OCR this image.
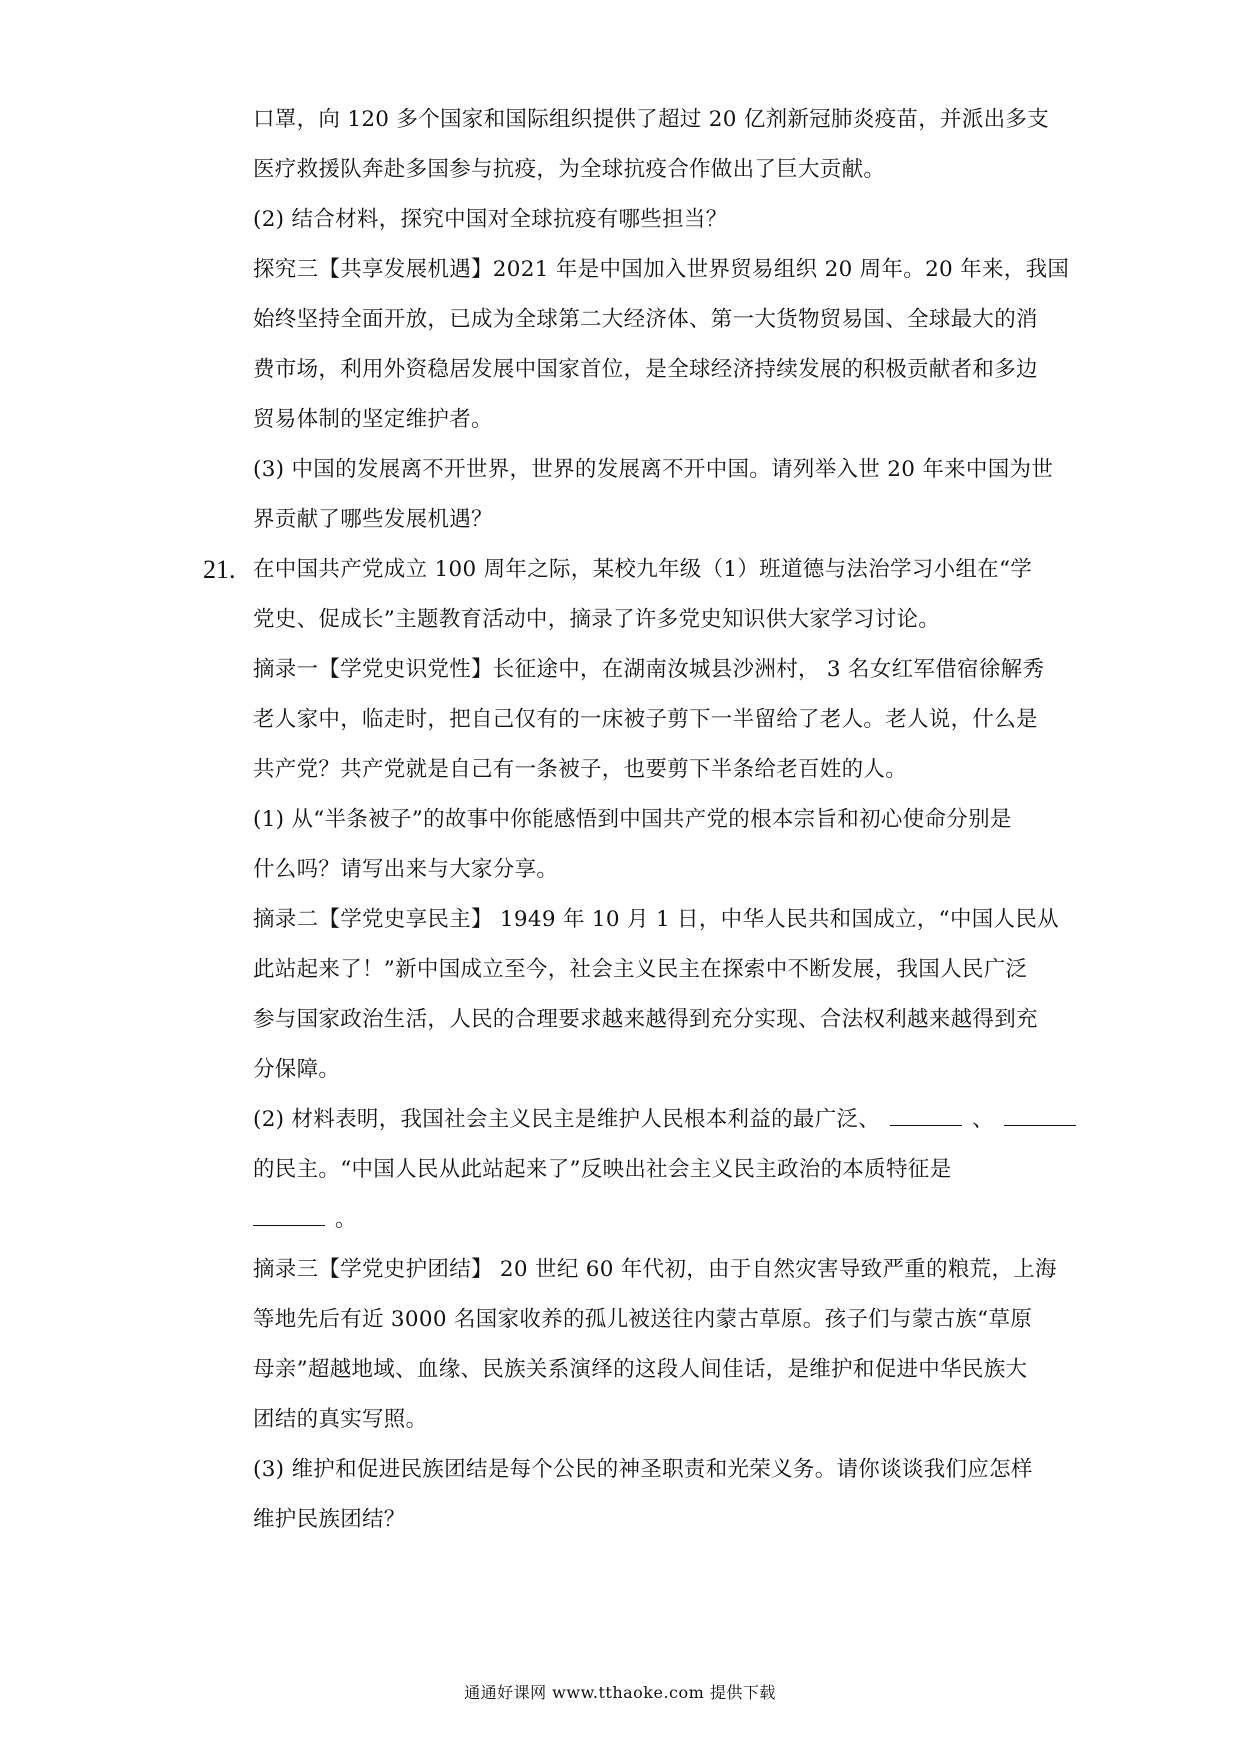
口罩，向 120 多个国家和国际组织提供了超过 20 亿剂新冠肺炎疫苗，并派出多支
医疗救援队奔赴多国参与抗疫，为全球抗疫合作做出了巨大贡献。
(2) 结合材料，探究中国对全球抗疫有哪些担当？
探究三【共享发展机遇】2021 年是中国加入世界贸易组织 20 周年。20 年来，我国
始终坚持全面开放，已成为全球第二大经济体、第一大货物贸易国、全球最大的消
费市场，利用外资稳居发展中国家首位，是全球经济持续发展的积极贡献者和多边
贸易体制的坚定维护者。
(3) 中国的发展离不开世界，世界的发展离不开中国。请列举入世 20 年来中国为世
界贡献了哪些发展机遇？
21. 在中国共产党成立 100 周年之际，某校九年级（1）班道德与法治学习小组在“学
党史、促成长”主题教育活动中，摘录了许多党史知识供大家学习讨论。
摘录一【学党史识党性】长征途中，在湖南汝城县沙洲村， 3 名女红军借宿徐解秀
老人家中，临走时，把自己仅有的一床被子剪下一半留给了老人。老人说，什么是
共产党？共产党就是自己有一条被子，也要剪下半条给老百姓的人。
(1) 从“半条被子”的故事中你能感悟到中国共产党的根本宗旨和初心使命分别是
什么吗？请写出来与大家分享。
摘录二【学党史享民主】 1949 年 10 月 1 日，中华人民共和国成立，“中国人民从
此站起来了！”新中国成立至今，社会主义民主在探索中不断发展，我国人民广泛
参与国家政治生活，人民的合理要求越来越得到充分实现、合法权利越来越得到充
分保障。
(2) 材料表明，我国社会主义民主是维护人民根本利益的最广泛、	、
的民主。“中国人民从此站起来了”反映出社会主义民主政治的本质特征是
。
摘录三【学党史护团结】 20 世纪 60 年代初，由于自然灾害导致严重的粮荒，上海
等地先后有近 3000 名国家收养的孤儿被送往内蒙古草原。孩子们与蒙古族“草原
母亲”超越地域、血缘、民族关系演绎的这段人间佳话，是维护和促进中华民族大
团结的真实写照。
(3) 维护和促进民族团结是每个公民的神圣职责和光荣义务。请你谈谈我们应怎样
维护民族团结？
通通好课网 www.tthaoke.com 提供下载
